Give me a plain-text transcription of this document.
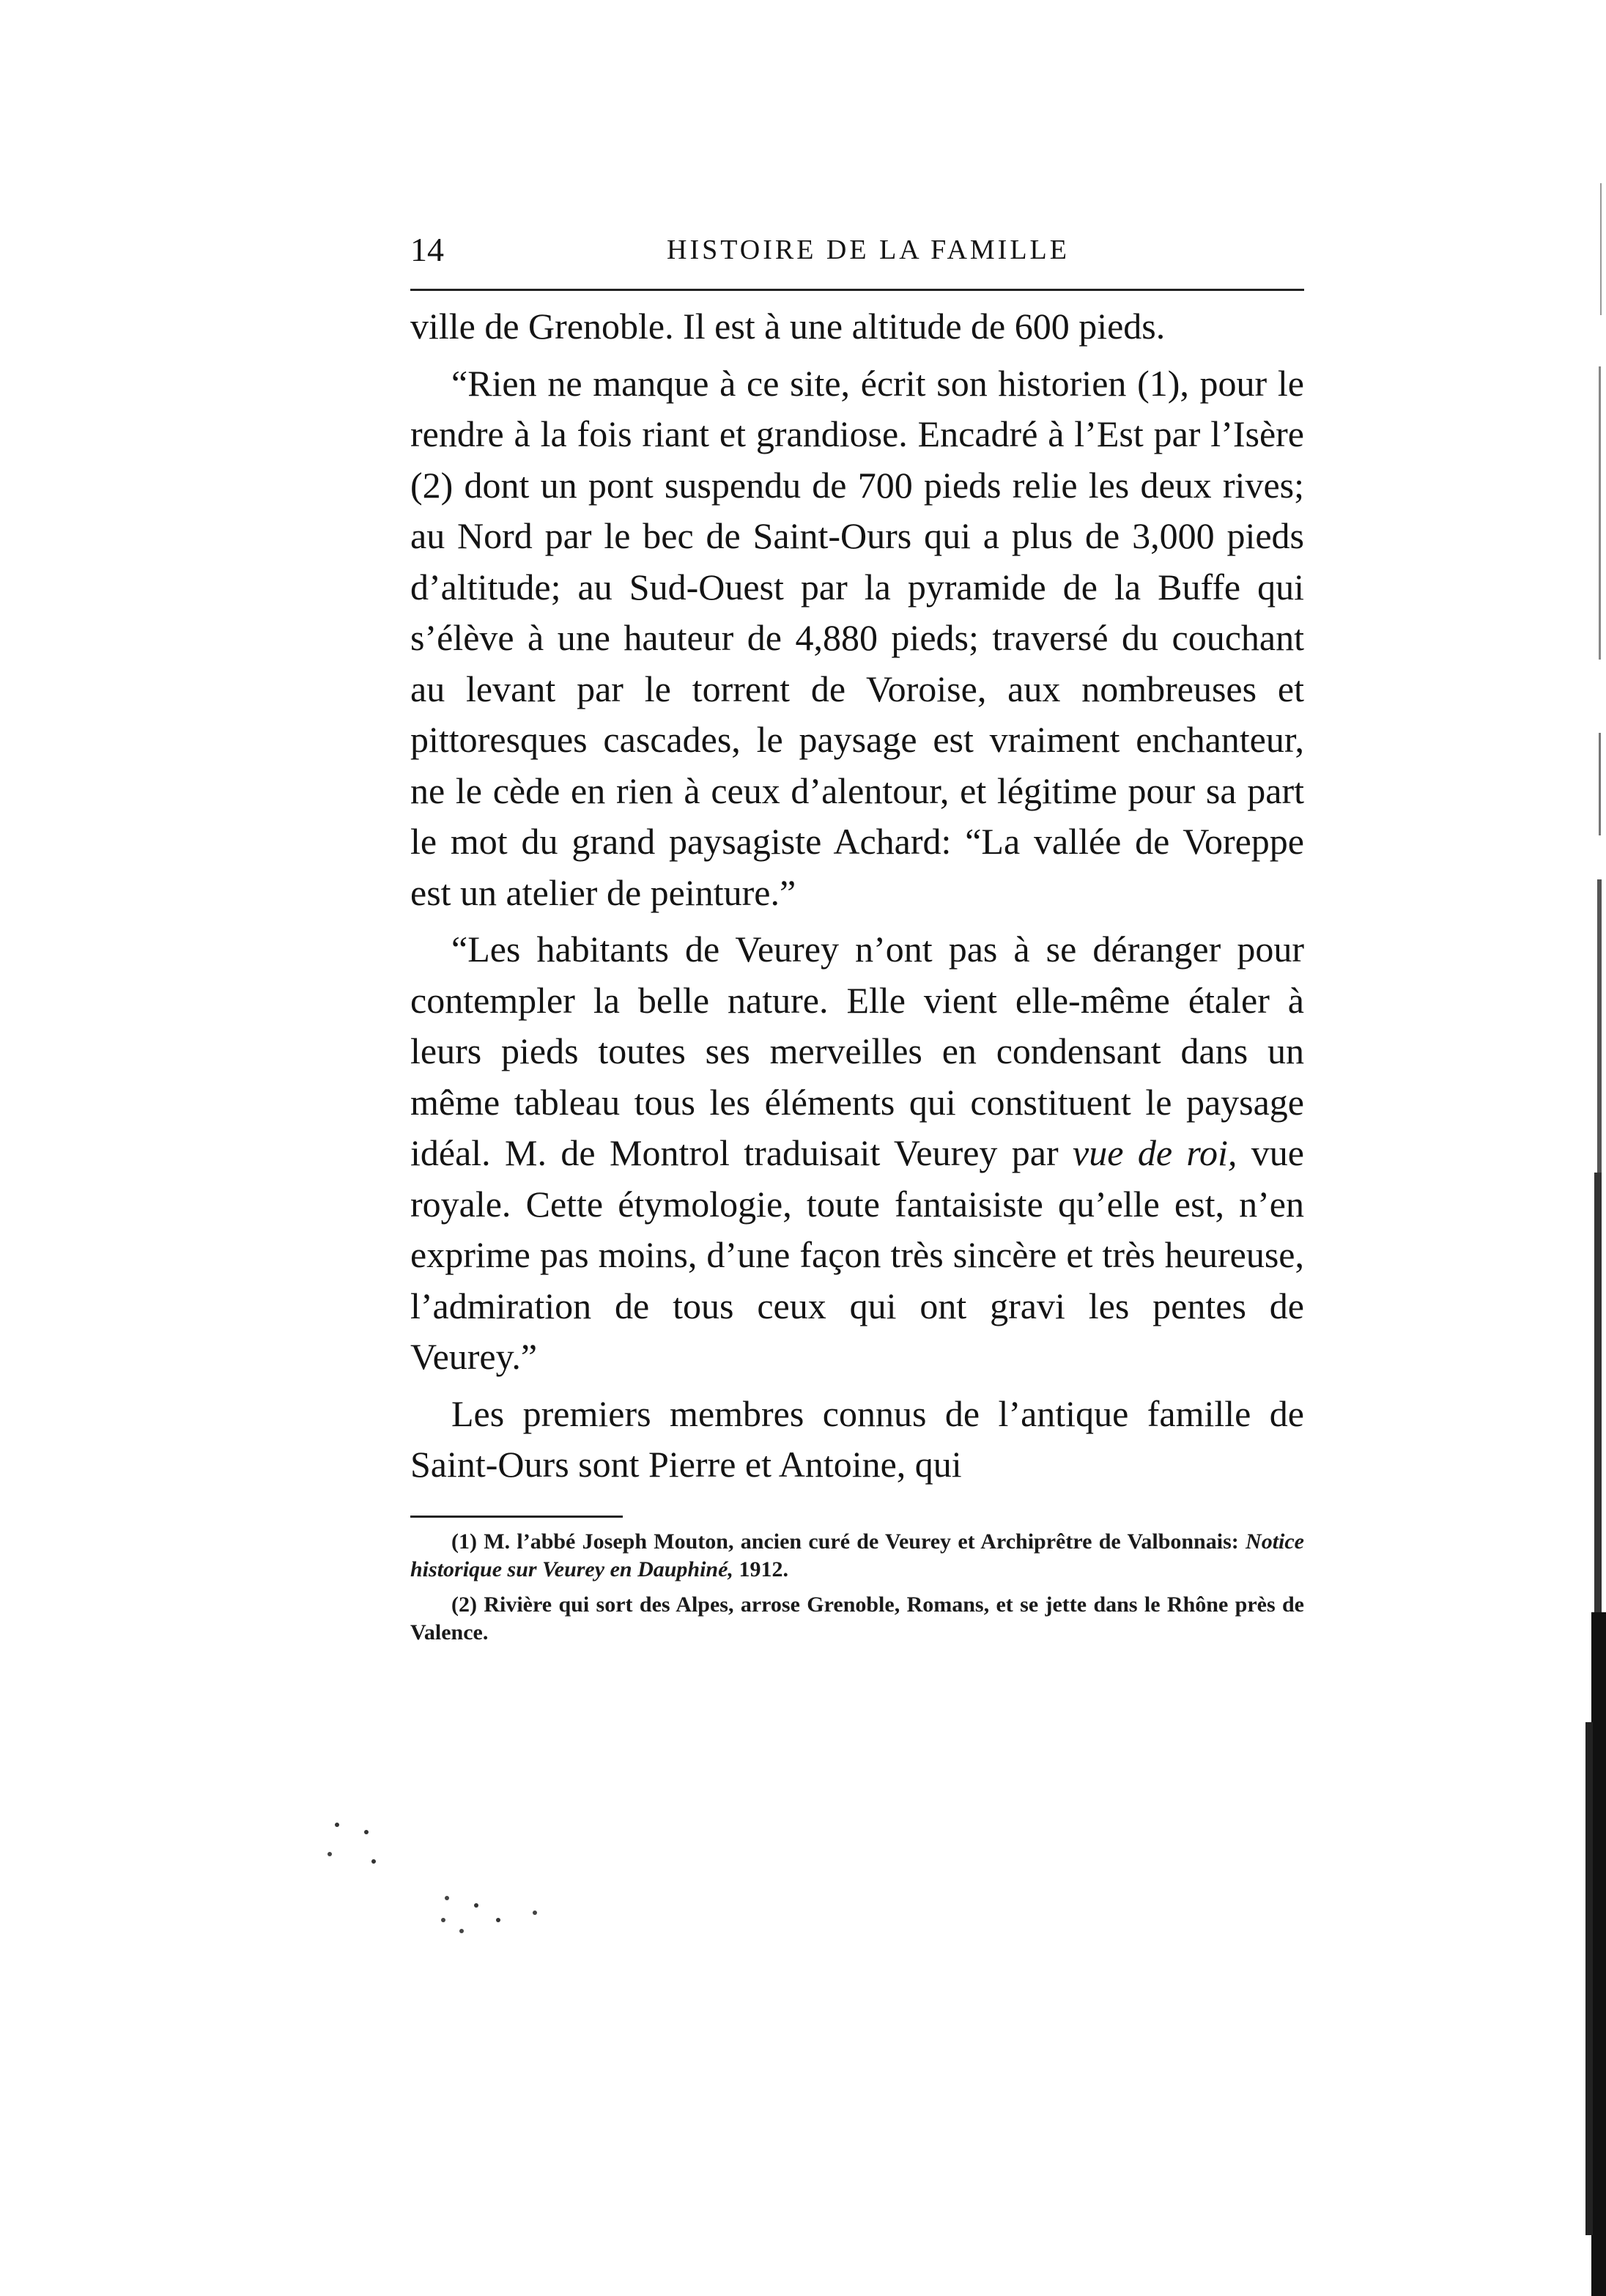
14	HISTOIRE DE LA FAMILLE

ville de Grenoble. Il est à une altitude de 600 pieds.

“Rien ne manque à ce site, écrit son historien (1), pour le rendre à la fois riant et grandiose. Encadré à l’Est par l’Isère (2) dont un pont suspendu de 700 pieds relie les deux rives; au Nord par le bec de Saint-Ours qui a plus de 3,000 pieds d’altitude; au Sud-Ouest par la pyramide de la Buffe qui s’élève à une hauteur de 4,880 pieds; traversé du couchant au levant par le torrent de Voroise, aux nombreuses et pittoresques cascades, le paysage est vraiment enchanteur, ne le cède en rien à ceux d’alentour, et légitime pour sa part le mot du grand paysagiste Achard: “La vallée de Voreppe est un atelier de peinture.”

“Les habitants de Veurey n’ont pas à se déranger pour contempler la belle nature. Elle vient elle-même étaler à leurs pieds toutes ses merveilles en condensant dans un même tableau tous les éléments qui constituent le paysage idéal. M. de Montrol traduisait Veurey par vue de roi, vue royale. Cette étymologie, toute fantaisiste qu’elle est, n’en exprime pas moins, d’une façon très sincère et très heureuse, l’admiration de tous ceux qui ont gravi les pentes de Veurey.”

Les premiers membres connus de l’antique famille de Saint-Ours sont Pierre et Antoine, qui

(1) M. l’abbé Joseph Mouton, ancien curé de Veurey et Archiprêtre de Valbonnais: Notice historique sur Veurey en Dauphiné, 1912.

(2) Rivière qui sort des Alpes, arrose Grenoble, Romans, et se jette dans le Rhône près de Valence.
